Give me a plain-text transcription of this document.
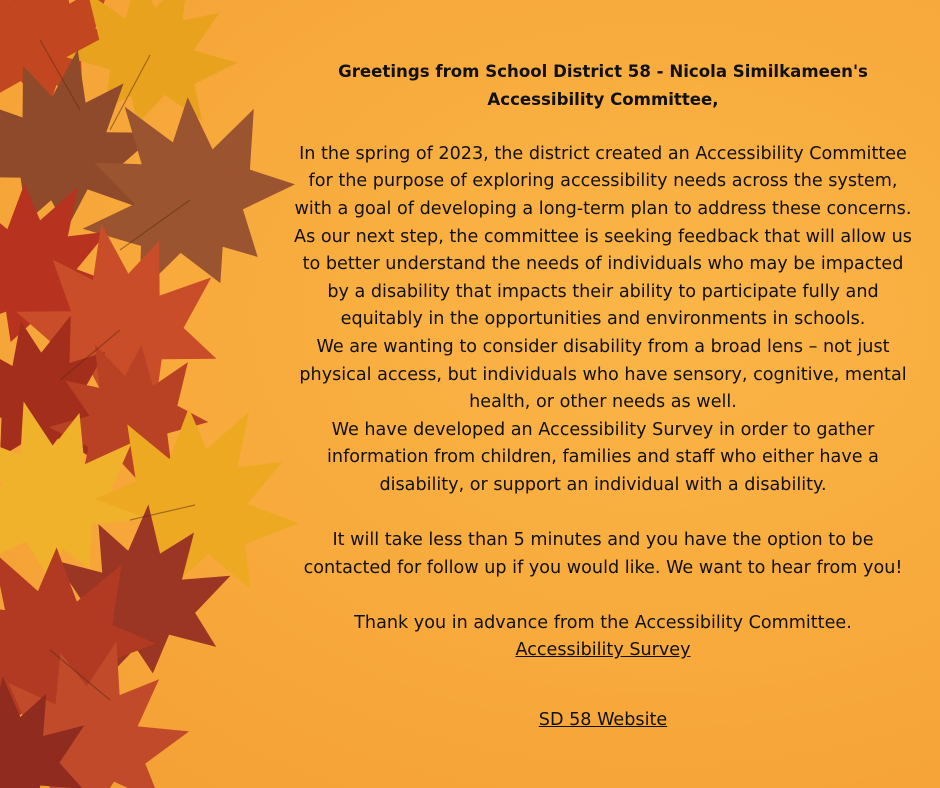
Greetings from School District 58 - Nicola Similkameen's
Accessibility Committee,
In the spring of 2023, the district created an Accessibility Committee
for the purpose of exploring accessibility needs across the system,
with a goal of developing a long-term plan to address these concerns.
As our next step, the committee is seeking feedback that will allow us
to better understand the needs of individuals who may be impacted
by a disability that impacts their ability to participate fully and
equitably in the opportunities and environments in schools.
We are wanting to consider disability from a broad lens – not just
physical access, but individuals who have sensory, cognitive, mental
health, or other needs as well.
We have developed an Accessibility Survey in order to gather
information from children, families and staff who either have a
disability, or support an individual with a disability.
It will take less than 5 minutes and you have the option to be
contacted for follow up if you would like. We want to hear from you!
Thank you in advance from the Accessibility Committee.
Accessibility Survey
SD 58 Website
